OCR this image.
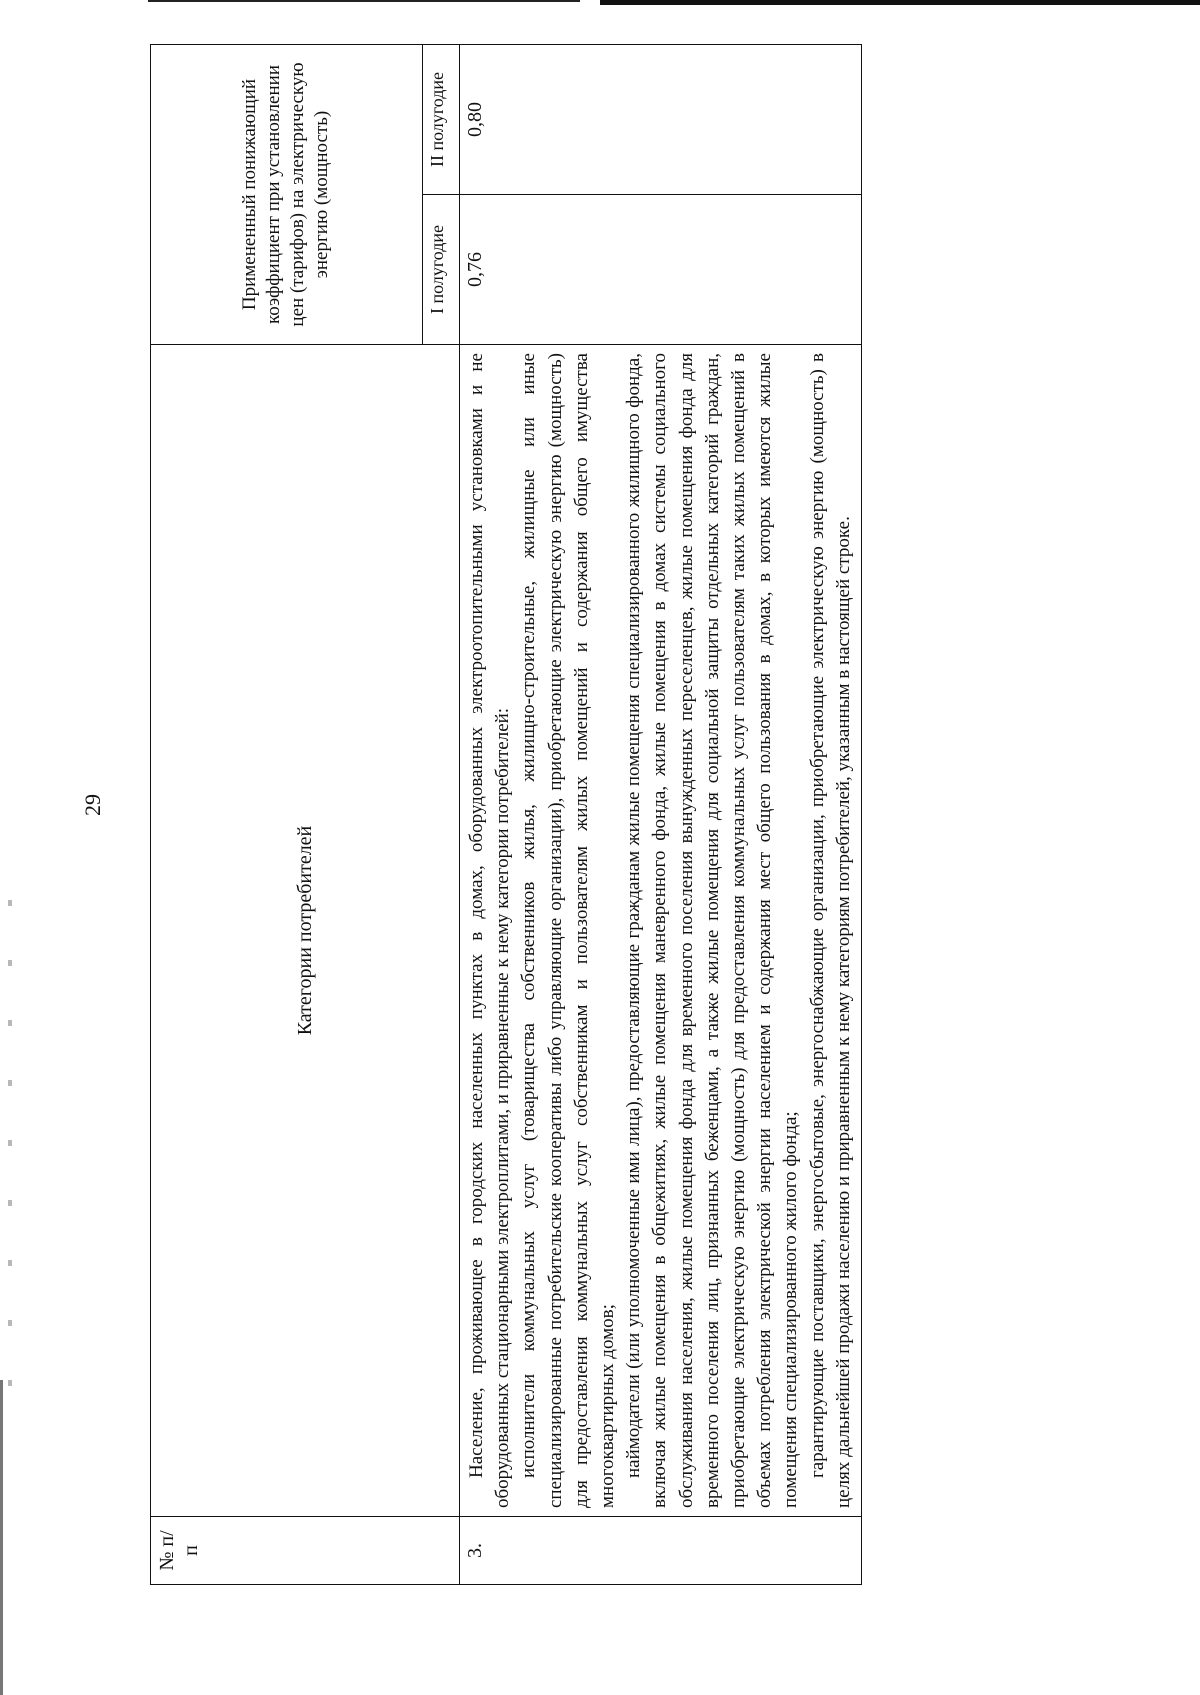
29
№ п/п	Категории потребителей	Примененный понижающий коэффициент при установлении цен (тарифов) на электрическую энергию (мощность)	
		I полугодие	II полугодие
3.	Население, проживающее в городских населенных пунктах в домах, оборудованных электроотопительными установками и не оборудованных стационарными электроплитами, и приравненные к нему категории потребителей: исполнители коммунальных услуг (товарищества собственников жилья, жилищно-строительные, жилищные или иные специализированные потребительские кооперативы либо управляющие организации), приобретающие электрическую энергию (мощность) для предоставления коммунальных услуг собственникам и пользователям жилых помещений и содержания общего имущества многоквартирных домов; наймодатели (или уполномоченные ими лица), предоставляющие гражданам жилые помещения специализированного жилищного фонда, включая жилые помещения в общежитиях, жилые помещения маневренного фонда, жилые помещения в домах системы социального обслуживания населения, жилые помещения фонда для временного поселения вынужденных переселенцев, жилые помещения фонда для временного поселения лиц, признанных беженцами, а также жилые помещения для социальной защиты отдельных категорий граждан, приобретающие электрическую энергию (мощность) для предоставления коммунальных услуг пользователям таких жилых помещений в объемах потребления электрической энергии населением и содержания мест общего пользования в домах, в которых имеются жилые помещения специализированного жилого фонда; гарантирующие поставщики, энергосбытовые, энергоснабжающие организации, приобретающие электрическую энергию (мощность) в целях дальнейшей продажи населению и приравненным к нему категориям потребителей, указанным в настоящей строке.	0,76	0,80
